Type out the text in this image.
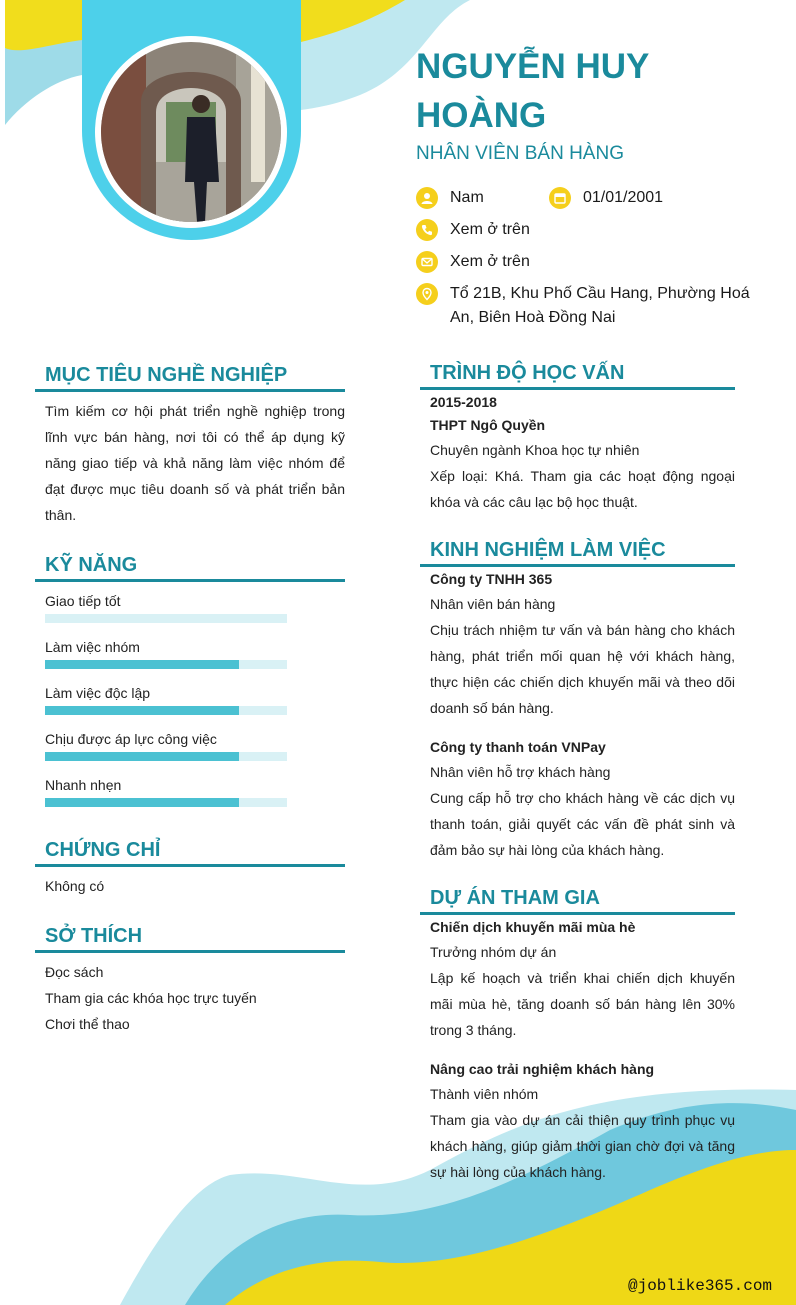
NGUYỄN HUY HOÀNG
NHÂN VIÊN BÁN HÀNG
Nam	01/01/2001
Xem ở trên
Xem ở trên
Tổ 21B, Khu Phố Cầu Hang, Phường Hoá An, Biên Hoà Đồng Nai
MỤC TIÊU NGHỀ NGHIỆP
Tìm kiếm cơ hội phát triển nghề nghiệp trong lĩnh vực bán hàng, nơi tôi có thể áp dụng kỹ năng giao tiếp và khả năng làm việc nhóm để đạt được mục tiêu doanh số và phát triển bản thân.
KỸ NĂNG
Giao tiếp tốt
Làm việc nhóm
Làm việc độc lập
Chịu được áp lực công việc
Nhanh nhẹn
CHỨNG CHỈ
Không có
SỞ THÍCH
Đọc sách
Tham gia các khóa học trực tuyến
Chơi thể thao
TRÌNH ĐỘ HỌC VẤN
2015-2018
THPT Ngô Quyền
Chuyên ngành Khoa học tự nhiên
Xếp loại: Khá. Tham gia các hoạt động ngoại khóa và các câu lạc bộ học thuật.
KINH NGHIỆM LÀM VIỆC
Công ty TNHH 365
Nhân viên bán hàng
Chịu trách nhiệm tư vấn và bán hàng cho khách hàng, phát triển mối quan hệ với khách hàng, thực hiện các chiến dịch khuyến mãi và theo dõi doanh số bán hàng.
Công ty thanh toán VNPay
Nhân viên hỗ trợ khách hàng
Cung cấp hỗ trợ cho khách hàng về các dịch vụ thanh toán, giải quyết các vấn đề phát sinh và đảm bảo sự hài lòng của khách hàng.
DỰ ÁN THAM GIA
Chiến dịch khuyến mãi mùa hè
Trưởng nhóm dự án
Lập kế hoạch và triển khai chiến dịch khuyến mãi mùa hè, tăng doanh số bán hàng lên 30% trong 3 tháng.
Nâng cao trải nghiệm khách hàng
Thành viên nhóm
Tham gia vào dự án cải thiện quy trình phục vụ khách hàng, giúp giảm thời gian chờ đợi và tăng sự hài lòng của khách hàng.
@joblike365.com
